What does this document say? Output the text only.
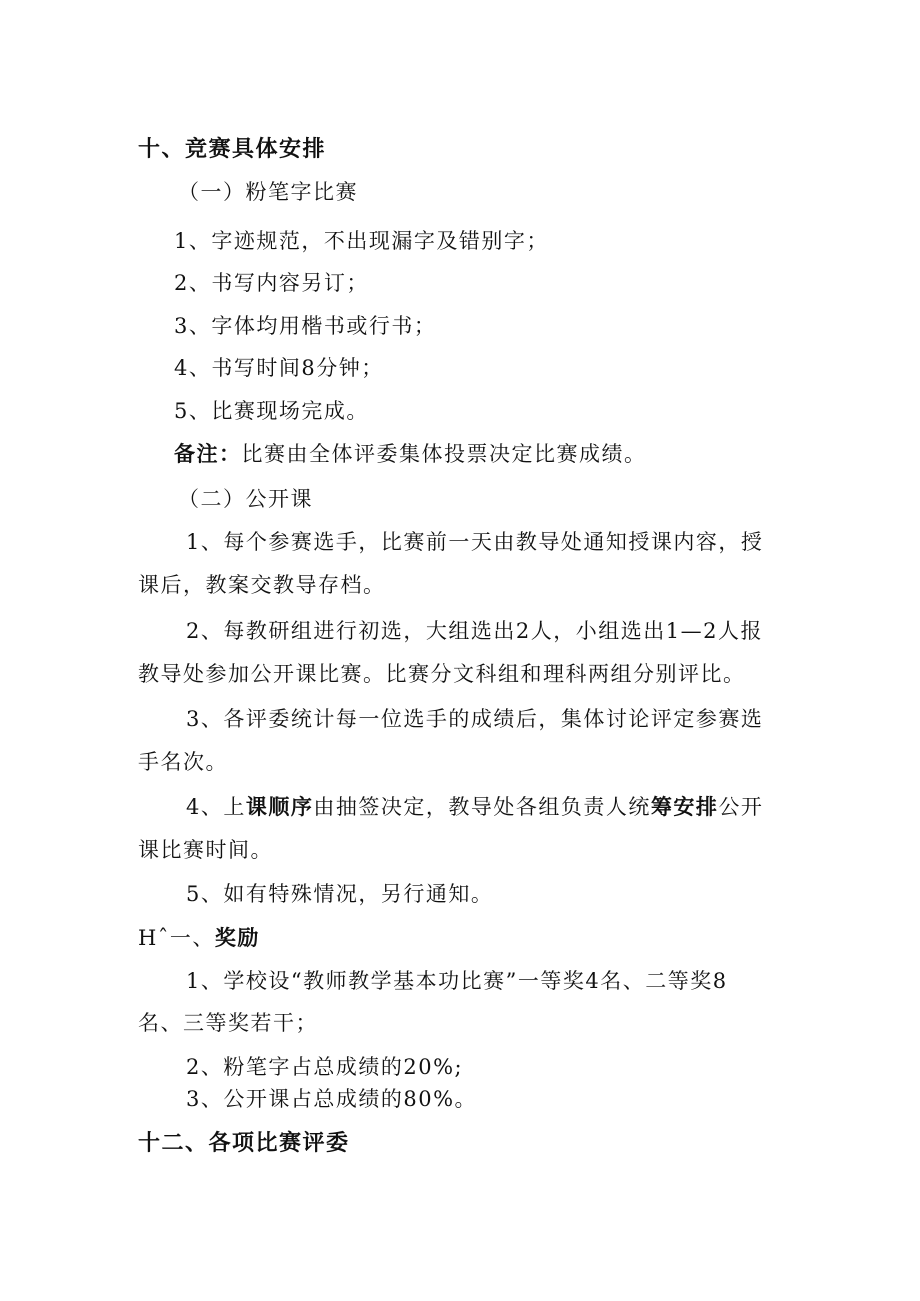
十、竞赛具体安排
（一）粉笔字比赛
1、字迹规范，不出现漏字及错别字；
2、书写内容另订；
3、字体均用楷书或行书；
4、书写时间8分钟；
5、比赛现场完成。
备注：比赛由全体评委集体投票决定比赛成绩。
（二）公开课
1、每个参赛选手，比赛前一天由教导处通知授课内容，授
课后，教案交教导存档。
2、每教研组进行初选，大组选出2人，小组选出1—2人报
教导处参加公开课比赛。比赛分文科组和理科两组分别评比。
3、各评委统计每一位选手的成绩后，集体讨论评定参赛选
手名次。
4、上课顺序由抽签决定，教导处各组负责人统筹安排公开
课比赛时间。
5、如有特殊情况，另行通知。
Hˆ一、奖励
1、学校设“教师教学基本功比赛”一等奖4名、二等奖8
名、三等奖若干；
2、粉笔字占总成绩的20%;
3、公开课占总成绩的80%。
十二、各项比赛评委
